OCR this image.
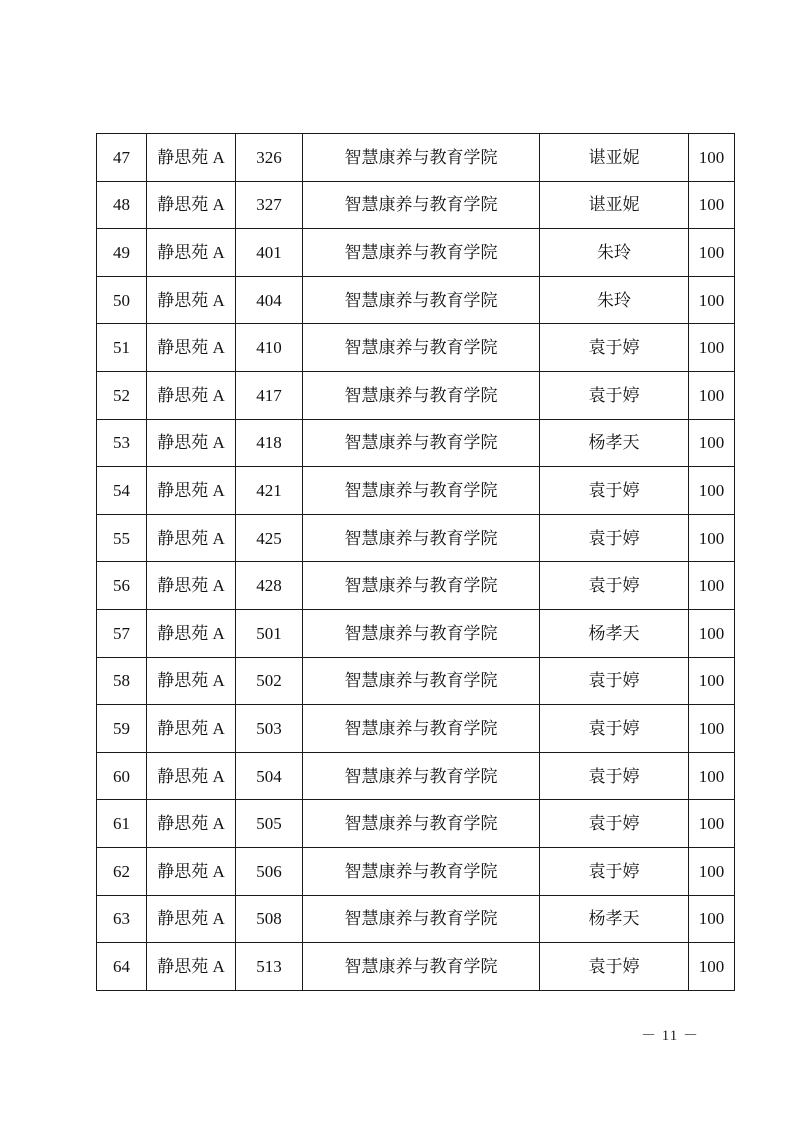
47	静思苑 A	326	智慧康养与教育学院	谌亚妮	100
48	静思苑 A	327	智慧康养与教育学院	谌亚妮	100
49	静思苑 A	401	智慧康养与教育学院	朱玲	100
50	静思苑 A	404	智慧康养与教育学院	朱玲	100
51	静思苑 A	410	智慧康养与教育学院	袁于婷	100
52	静思苑 A	417	智慧康养与教育学院	袁于婷	100
53	静思苑 A	418	智慧康养与教育学院	杨孝天	100
54	静思苑 A	421	智慧康养与教育学院	袁于婷	100
55	静思苑 A	425	智慧康养与教育学院	袁于婷	100
56	静思苑 A	428	智慧康养与教育学院	袁于婷	100
57	静思苑 A	501	智慧康养与教育学院	杨孝天	100
58	静思苑 A	502	智慧康养与教育学院	袁于婷	100
59	静思苑 A	503	智慧康养与教育学院	袁于婷	100
60	静思苑 A	504	智慧康养与教育学院	袁于婷	100
61	静思苑 A	505	智慧康养与教育学院	袁于婷	100
62	静思苑 A	506	智慧康养与教育学院	袁于婷	100
63	静思苑 A	508	智慧康养与教育学院	杨孝天	100
64	静思苑 A	513	智慧康养与教育学院	袁于婷	100
－ 11 －
